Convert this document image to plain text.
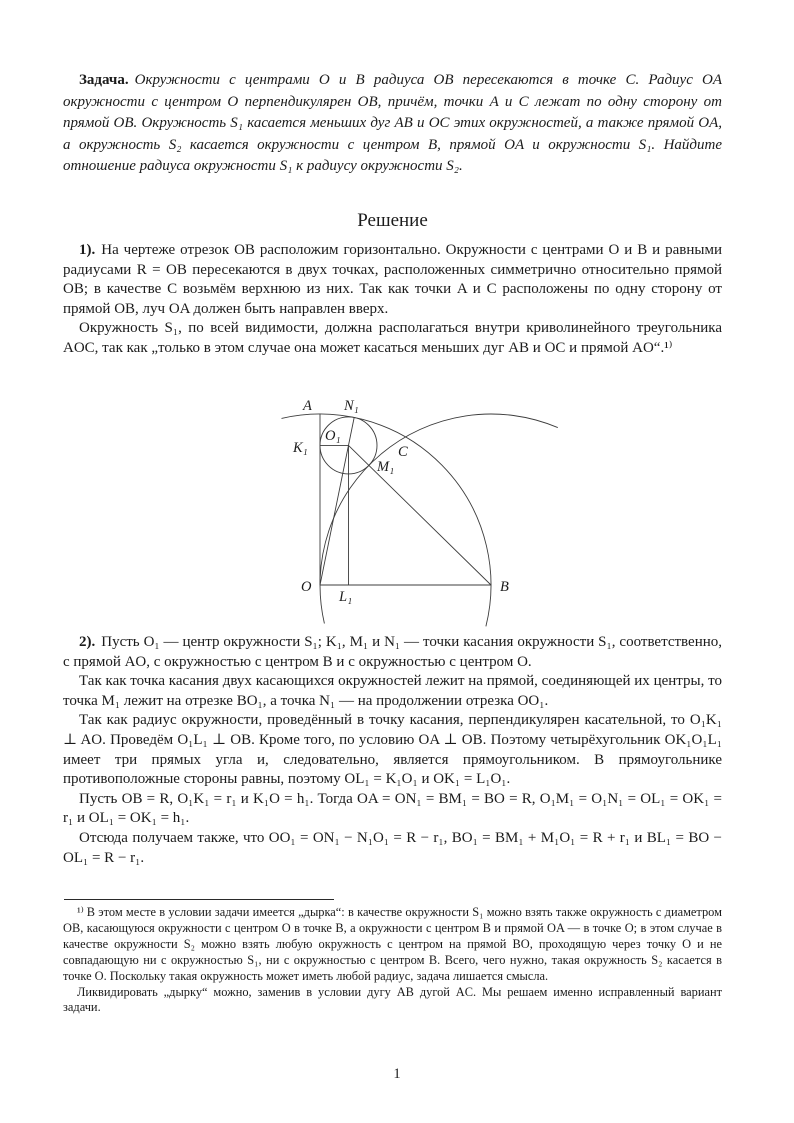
Задача. Окружности с центрами O и B радиуса OB пересекаются в точке C. Радиус OA окружности с центром O перпендикулярен OB, причём, точки A и C лежат по одну сторону от прямой OB. Окружность S₁ касается меньших дуг AB и OC этих окружностей, а также прямой OA, а окружность S₂ касается окружности с центром B, прямой OA и окружности S₁. Найдите отношение радиуса окружности S₁ к радиусу окружности S₂.

Решение

1). На чертеже отрезок OB расположим горизонтально. Окружности с центрами O и B и равными радиусами R = OB пересекаются в двух точках, расположенных симметрично относительно прямой OB; в качестве C возьмём верхнюю из них. Так как точки A и C расположены по одну сторону от прямой OB, луч OA должен быть направлен вверх.

Окружность S₁, по всей видимости, должна располагаться внутри криволинейного треугольника AOC, так как „только в этом случае она может касаться меньших дуг AB и OC и прямой AO“.¹⁾

A N₁
O₁
K₁	C
M₁
O
L₁
B

2). Пусть O₁ — центр окружности S₁; K₁, M₁ и N₁ — точки касания окружности S₁, соответственно, с прямой AO, с окружностью с центром B и с окружностью с центром O.

Так как точка касания двух касающихся окружностей лежит на прямой, соединяющей их центры, то точка M₁ лежит на отрезке BO₁, а точка N₁ — на продолжении отрезка OO₁.

Так как радиус окружности, проведённый в точку касания, перпендикулярен касательной, то O₁K₁ ⊥ AO. Проведём O₁L₁ ⊥ OB. Кроме того, по условию OA ⊥ OB. Поэтому четырёхугольник OK₁O₁L₁ имеет три прямых угла и, следовательно, является прямоугольником. В прямоугольнике противоположные стороны равны, поэтому OL₁ = K₁O₁ и OK₁ = L₁O₁.

Пусть OB = R, O₁K₁ = r₁ и K₁O = h₁. Тогда OA = ON₁ = BM₁ = BO = R, O₁M₁ = O₁N₁ = OL₁ = OK₁ = r₁ и OL₁ = OK₁ = h₁.

Отсюда получаем также, что OO₁ = ON₁ − N₁O₁ = R − r₁, BO₁ = BM₁ + M₁O₁ = R + r₁ и BL₁ = BO − OL₁ = R − r₁.

¹⁾ В этом месте в условии задачи имеется „дырка“: в качестве окружности S₁ можно взять также окружность с диаметром OB, касающуюся окружности с центром O в точке B, а окружности с центром B и прямой OA — в точке O; в этом случае в качестве окружности S₂ можно взять любую окружность с центром на прямой BO, проходящую через точку O и не совпадающую ни с окружностью S₁, ни с окружностью с центром B. Всего, чего нужно, такая окружность S₂ касается в точке O. Поскольку такая окружность может иметь любой радиус, задача лишается смысла.

Ликвидировать „дырку“ можно, заменив в условии дугу AB дугой AC. Мы решаем именно исправленный вариант задачи.

1
